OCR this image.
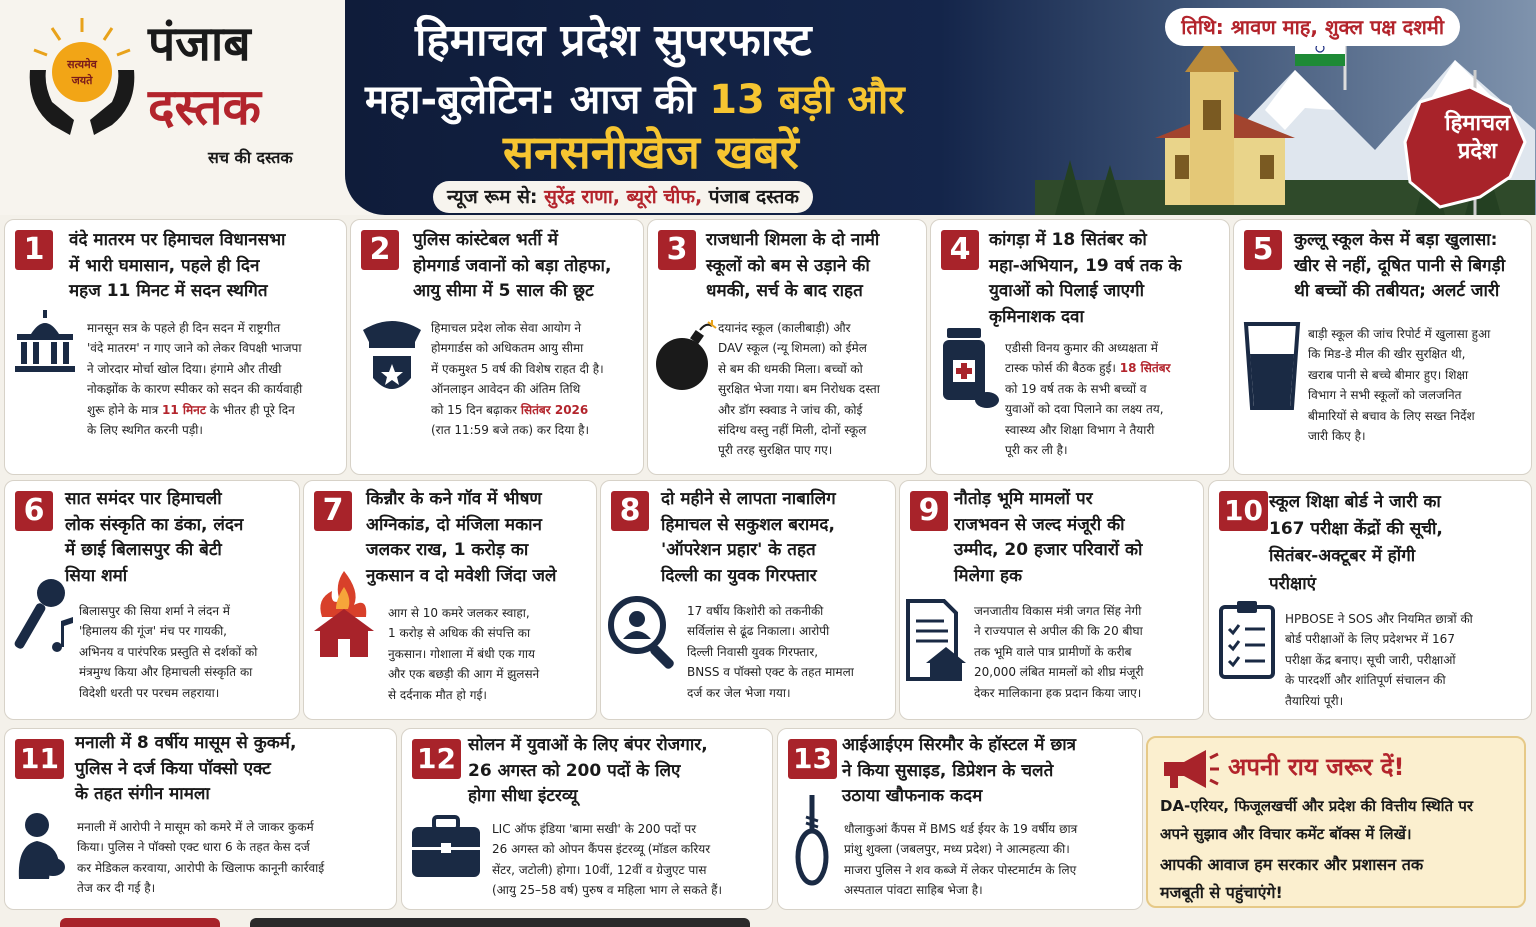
सत्यमेव
जयते
पंजाब
दस्तक
सच की दस्तक
हिमाचल
प्रदेश
हिमाचल प्रदेश सुपरफास्ट
महा-बुलेटिन: आज की 13 बड़ी और
सनसनीखेज खबरें
तिथि: श्रावण माह, शुक्ल पक्ष दशमी
न्यूज रूम से: सुरेंद्र राणा, ब्यूरो चीफ, पंजाब दस्तक
1	वंदे मातरम पर हिमाचल विधानसभा
में भारी घमासान, पहले ही दिन
महज 11 मिनट में सदन स्थगित
मानसून सत्र के पहले ही दिन सदन में राष्ट्रगीत
'वंदे मातरम' न गाए जाने को लेकर विपक्षी भाजपा
ने जोरदार मोर्चा खोल दिया। हंगामे और तीखी
नोकझोंक के कारण स्पीकर को सदन की कार्यवाही
शुरू होने के मात्र 11 मिनट के भीतर ही पूरे दिन
के लिए स्थगित करनी पड़ी।
2	पुलिस कांस्टेबल भर्ती में
होमगार्ड जवानों को बड़ा तोहफा,
आयु सीमा में 5 साल की छूट
हिमाचल प्रदेश लोक सेवा आयोग ने
होमगार्डस को अधिकतम आयु सीमा
में एकमुश्त 5 वर्ष की विशेष राहत दी है।
ऑनलाइन आवेदन की अंतिम तिथि
को 15 दिन बढ़ाकर सितंबर 2026
(रात 11:59 बजे तक) कर दिया है।
3	राजधानी शिमला के दो नामी
स्कूलों को बम से उड़ाने की
धमकी, सर्च के बाद राहत
दयानंद स्कूल (कालीबाड़ी) और
DAV स्कूल (न्यू शिमला) को ईमेल
से बम की धमकी मिला। बच्चों को
सुरक्षित भेजा गया। बम निरोधक दस्ता
और डॉग स्क्वाड ने जांच की, कोई
संदिग्ध वस्तु नहीं मिली, दोनों स्कूल
पूरी तरह सुरक्षित पाए गए।
4	कांगड़ा में 18 सितंबर को
महा-अभियान, 19 वर्ष तक के
युवाओं को पिलाई जाएगी
कृमिनाशक दवा
एडीसी विनय कुमार की अध्यक्षता में
टास्क फोर्स की बैठक हुई। 18 सितंबर
को 19 वर्ष तक के सभी बच्चों व
युवाओं को दवा पिलाने का लक्ष्य तय,
स्वास्थ्य और शिक्षा विभाग ने तैयारी
पूरी कर ली है।
5	कुल्लू स्कूल केस में बड़ा खुलासा:
खीर से नहीं, दूषित पानी से बिगड़ी
थी बच्चों की तबीयत; अलर्ट जारी
बाड़ी स्कूल की जांच रिपोर्ट में खुलासा हुआ
कि मिड-डे मील की खीर सुरक्षित थी,
खराब पानी से बच्चे बीमार हुए। शिक्षा
विभाग ने सभी स्कूलों को जलजनित
बीमारियों से बचाव के लिए सख्त निर्देश
जारी किए है।
6	सात समंदर पार हिमाचली
लोक संस्कृति का डंका, लंदन
में छाई बिलासपुर की बेटी
सिया शर्मा
बिलासपुर की सिया शर्मा ने लंदन में
'हिमालय की गूंज' मंच पर गायकी,
अभिनय व पारंपरिक प्रस्तुति से दर्शकों को
मंत्रमुग्ध किया और हिमाचली संस्कृति का
विदेशी धरती पर परचम लहराया।
7	किन्नौर के कने गॉव में भीषण
अग्निकांड, दो मंजिला मकान
जलकर राख, 1 करोड़ का
नुकसान व दो मवेशी जिंदा जले
आग से 10 कमरे जलकर स्वाहा,
1 करोड़ से अधिक की संपत्ति का
नुकसान। गोशाला में बंधी एक गाय
और एक बछड़ी की आग में झुलसने
से दर्दनाक मौत हो गई।
8	दो महीने से लापता नाबालिग
हिमाचल से सकुशल बरामद,
'ऑपरेशन प्रहार' के तहत
दिल्ली का युवक गिरफ्तार
17 वर्षीय किशोरी को तकनीकी
सर्विलांस से ढूंढ निकाला। आरोपी
दिल्ली निवासी युवक गिरफ्तार,
BNSS व पॉक्सो एक्ट के तहत मामला
दर्ज कर जेल भेजा गया।
9 नौतोड़ भूमि मामलों पर
राजभवन से जल्द मंजूरी की
उम्मीद, 20 हजार परिवारों को
मिलेगा हक
जनजातीय विकास मंत्री जगत सिंह नेगी
ने राज्यपाल से अपील की कि 20 बीघा
तक भूमि वाले पात्र प्रामीणों के करीब
20,000 लंबित मामलों को शीघ्र मंजूरी
देकर मालिकाना हक प्रदान किया जाए।
10 स्कूल शिक्षा बोर्ड ने जारी का
167 परीक्षा केंद्रों की सूची,
सितंबर-अक्टूबर में होंगी
परीक्षाएं
HPBOSE ने SOS और नियमित छात्रों की
बोर्ड परीक्षाओं के लिए प्रदेशभर में 167
परीक्षा केंद्र बनाए। सूची जारी, परीक्षाओं
के पारदर्शी और शांतिपूर्ण संचालन की
तैयारियां पूरी।
11 मनाली में 8 वर्षीय मासूम से कुकर्म,
पुलिस ने दर्ज किया पॉक्सो एक्ट
के तहत संगीन मामला
मनाली में आरोपी ने मासूम को कमरे में ले जाकर कुकर्म
किया। पुलिस ने पॉक्सो एक्ट धारा 6 के तहत केस दर्ज
कर मेडिकल करवाया, आरोपी के खिलाफ कानूनी कार्रवाई
तेज कर दी गई है।
12 सोलन में युवाओं के लिए बंपर रोजगार,
26 अगस्त को 200 पदों के लिए
होगा सीधा इंटरव्यू
LIC ऑफ इंडिया 'बामा सखी' के 200 पदों पर
26 अगस्त को ओपन कैंपस इंटरव्यू (मॉडल करियर
सेंटर, जटोली) होगा। 10वीं, 12वीं व ग्रेजुएट पास
(आयु 25–58 वर्ष) पुरुष व महिला भाग ले सकते हैं।
13 आईआईएम सिरमौर के हॉस्टल में छात्र
ने किया सुसाइड, डिप्रेशन के चलते
उठाया खौफनाक कदम
धौलाकुआं कैंपस में BMS थर्ड ईयर के 19 वर्षीय छात्र
प्रांशु शुक्ला (जबलपुर, मध्य प्रदेश) ने आत्महत्या की।
माजरा पुलिस ने शव कब्जे में लेकर पोस्टमार्टम के लिए
अस्पताल पांवटा साहिब भेजा है।
अपनी राय जरूर दें!
DA-एरियर, फिजूलखर्ची और प्रदेश की वित्तीय स्थिति पर
अपने सुझाव और विचार कमेंट बॉक्स में लिखें।
आपकी आवाज हम सरकार और प्रशासन तक
मजबूती से पहुंचाएंगे!
